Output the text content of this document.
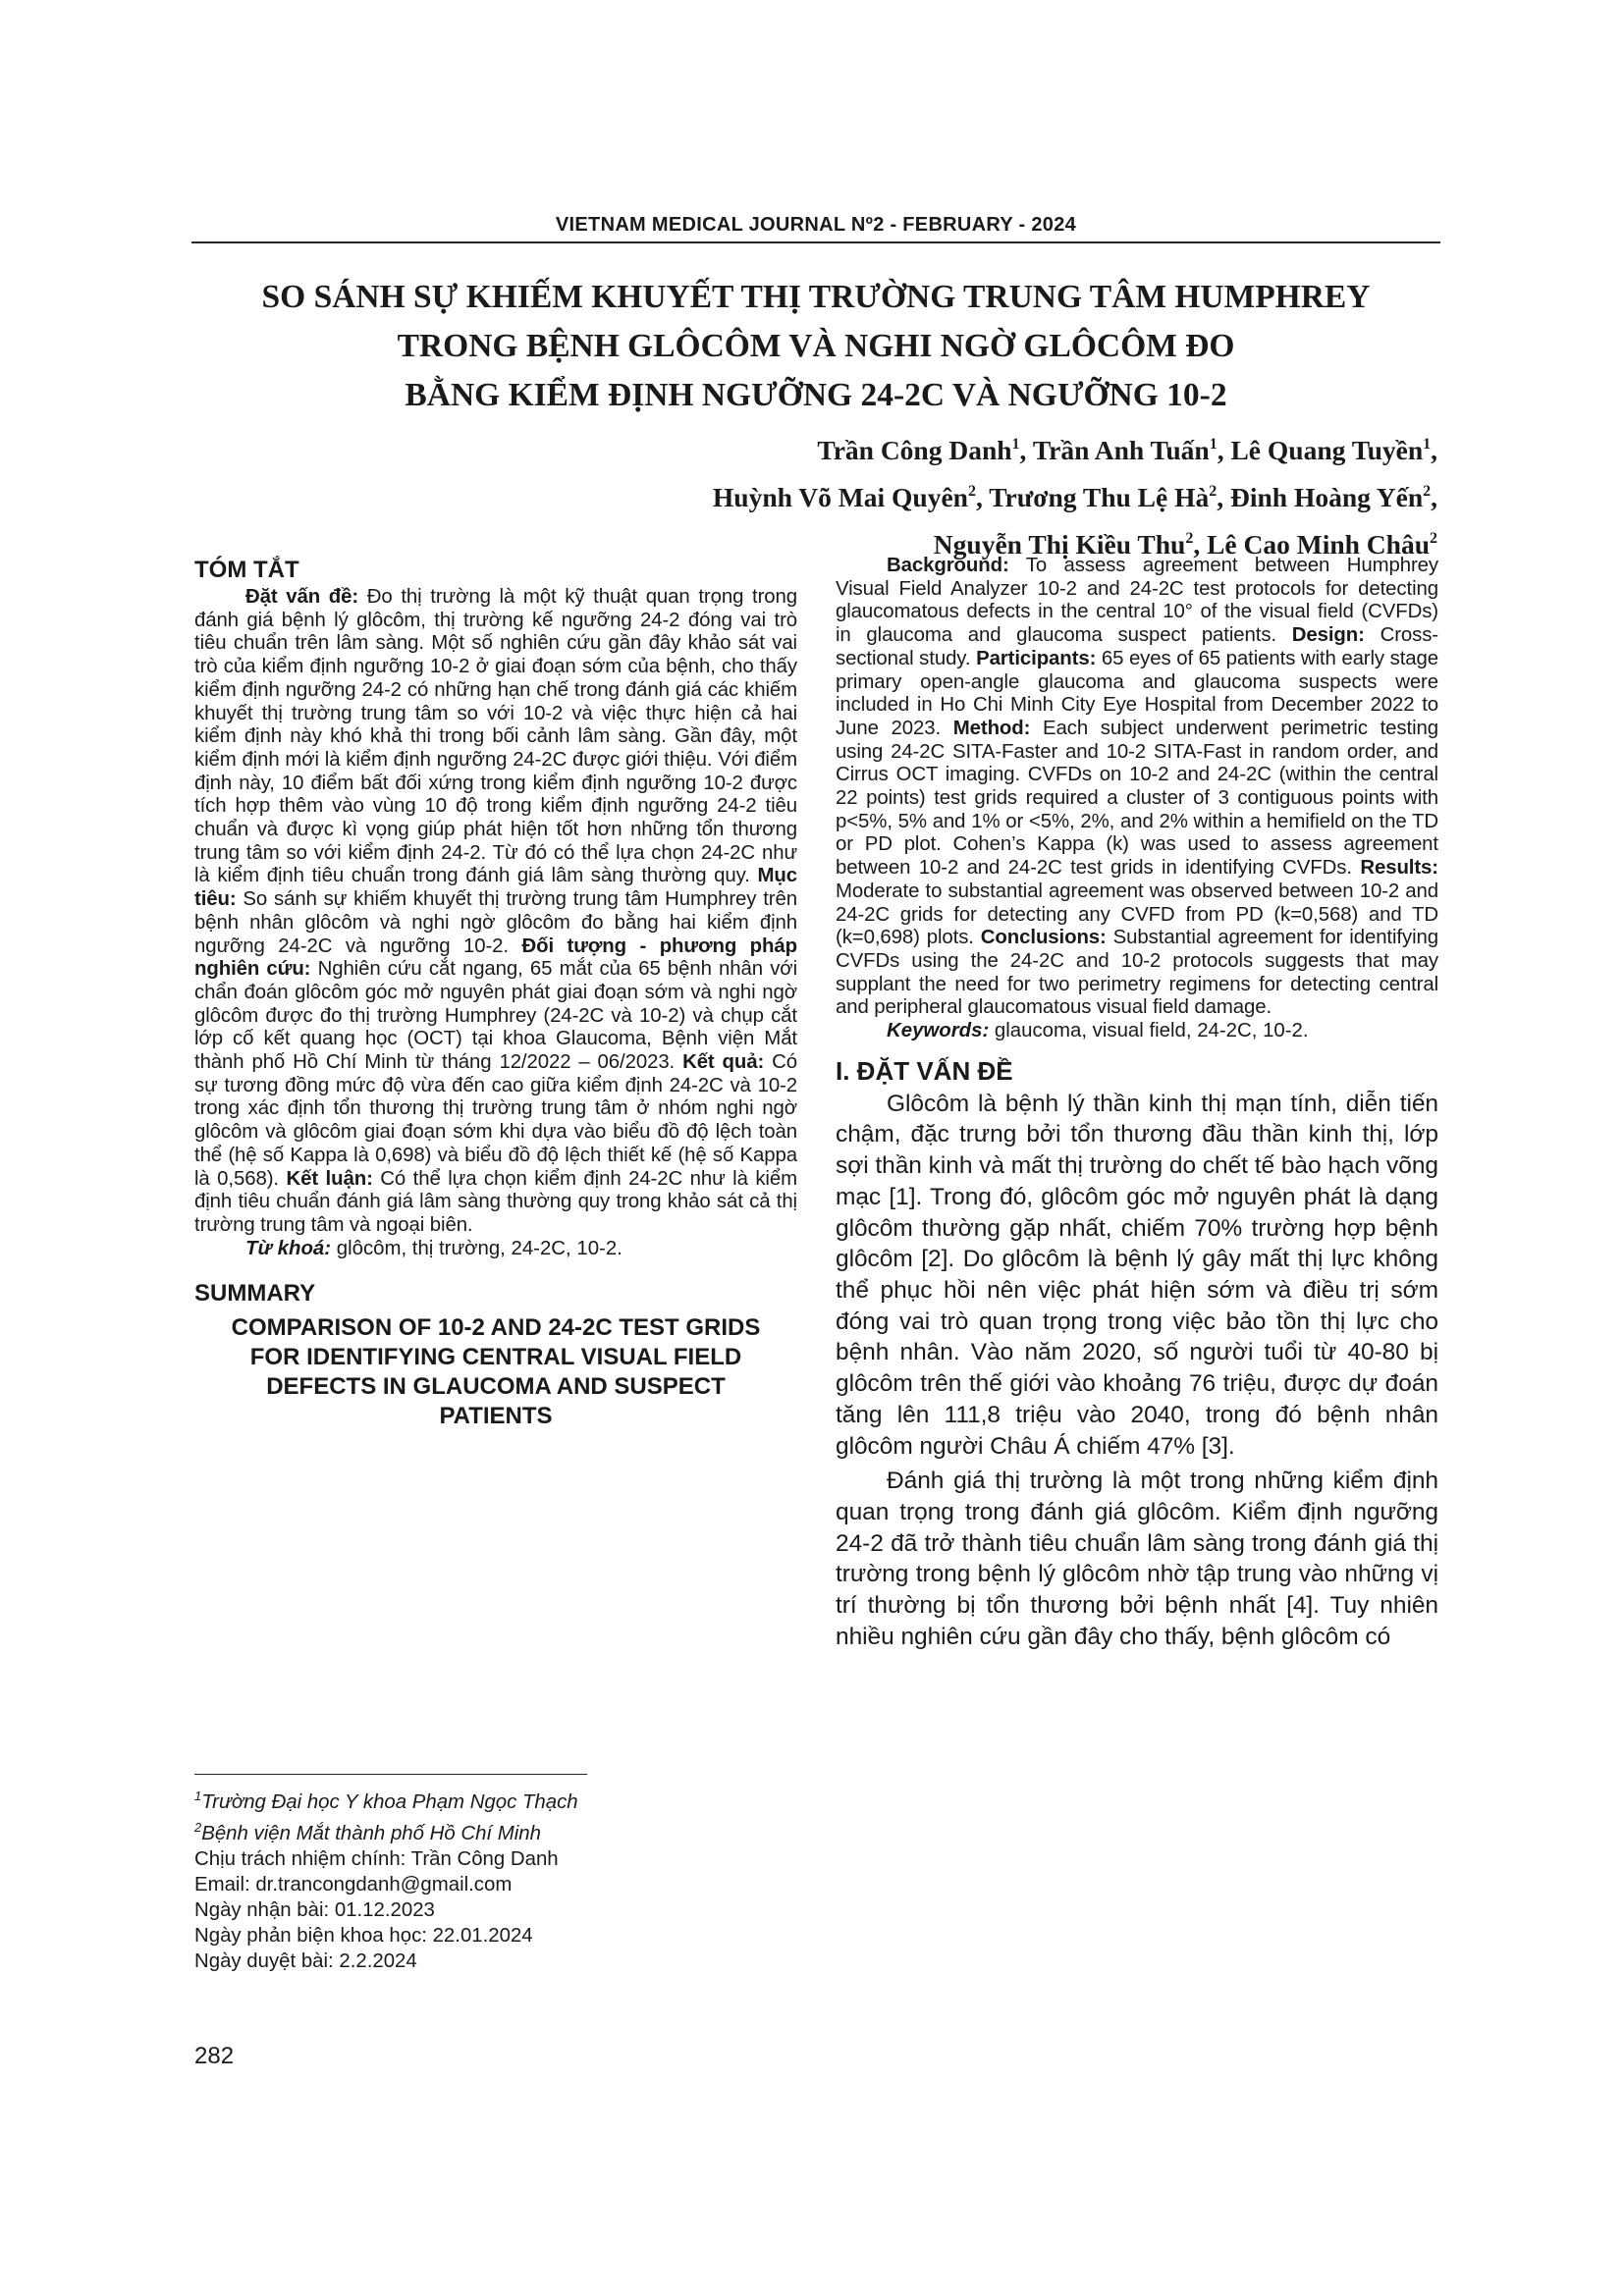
VIETNAM MEDICAL JOURNAL Nº2 - FEBRUARY - 2024
SO SÁNH SỰ KHIẾM KHUYẾT THỊ TRƯỜNG TRUNG TÂM HUMPHREY
TRONG BỆNH GLÔCÔM VÀ NGHI NGỜ GLÔCÔM ĐO
BẰNG KIỂM ĐỊNH NGƯỠNG 24-2C VÀ NGƯỠNG 10-2
Trần Công Danh$^1$, Trần Anh Tuấn$^1$, Lê Quang Tuyền$^1$,
Huỳnh Võ Mai Quyên$^2$, Trương Thu Lệ $Hà^2$, Đinh Hoàng Yến$^2$,
Nguyễn Thị Kiều Thu$^2$, Lê Cao Minh Châu$^2$
TÓM TẮT

Đặt vấn đề: Đo thị trường là một kỹ thuật quan trọng trong đánh giá bệnh lý glôcôm, thị trường kế ngưỡng 24-2 đóng vai trò tiêu chuẩn trên lâm sàng. Một số nghiên cứu gần đây khảo sát vai trò của kiểm định ngưỡng 10-2 ở giai đoạn sớm của bệnh, cho thấy kiểm định ngưỡng 24-2 có những hạn chế trong đánh giá các khiếm khuyết thị trường trung tâm so với 10-2 và việc thực hiện cả hai kiểm định này khó khả thi trong bối cảnh lâm sàng. Gần đây, một kiểm định mới là kiểm định ngưỡng 24-2C được giới thiệu. Với điểm định này, 10 điểm bất đối xứng trong kiểm định ngưỡng 10-2 được tích hợp thêm vào vùng 10 độ trong kiểm định ngưỡng 24-2 tiêu chuẩn và được kì vọng giúp phát hiện tốt hơn những tổn thương trung tâm so với kiểm định 24-2. Từ đó có thể lựa chọn 24-2C như là kiểm định tiêu chuẩn trong đánh giá lâm sàng thường quy. Mục tiêu: So sánh sự khiếm khuyết thị trường trung tâm Humphrey trên bệnh nhân glôcôm và nghi ngờ glôcôm đo bằng hai kiểm định ngưỡng 24-2C và ngưỡng 10-2. Đối tượng - phương pháp nghiên cứu: Nghiên cứu cắt ngang, 65 mắt của 65 bệnh nhân với chẩn đoán glôcôm góc mở nguyên phát giai đoạn sớm và nghi ngờ glôcôm được đo thị trường Humphrey (24-2C và 10-2) và chụp cắt lớp cố kết quang học (OCT) tại khoa Glaucoma, Bệnh viện Mắt thành phố Hồ Chí Minh từ tháng 12/2022 – 06/2023. Kết quả: Có sự tương đồng mức độ vừa đến cao giữa kiểm định 24-2C và 10-2 trong xác định tổn thương thị trường trung tâm ở nhóm nghi ngờ glôcôm và glôcôm giai đoạn sớm khi dựa vào biểu đồ độ lệch toàn thể (hệ số Kappa là 0,698) và biểu đồ độ lệch thiết kế (hệ số Kappa là 0,568). Kết luận: Có thể lựa chọn kiểm định 24-2C như là kiểm định tiêu chuẩn đánh giá lâm sàng thường quy trong khảo sát cả thị trường trung tâm và ngoại biên.

Từ khoá: glôcôm, thị trường, 24-2C, 10-2.

SUMMARY

COMPARISON OF 10-2 AND 24-2C TEST GRIDS FOR IDENTIFYING CENTRAL VISUAL FIELD DEFECTS IN GLAUCOMA AND SUSPECT PATIENTS

$^1$Trường Đại học Y khoa Phạm Ngọc Thạch
$^2$Bệnh viện Mắt thành phố Hồ Chí Minh
Chịu trách nhiệm chính: Trần Công Danh
Email: dr.trancongdanh@gmail.com
Ngày nhận bài: 01.12.2023
Ngày phản biện khoa học: 22.01.2024
Ngày duyệt bài: 2.2.2024

Background: To assess agreement between Humphrey Visual Field Analyzer 10-2 and 24-2C test protocols for detecting glaucomatous defects in the central 10° of the visual field (CVFDs) in glaucoma and glaucoma suspect patients. Design: Cross-sectional study. Participants: 65 eyes of 65 patients with early stage primary open-angle glaucoma and glaucoma suspects were included in Ho Chi Minh City Eye Hospital from December 2022 to June 2023. Method: Each subject underwent perimetric testing using 24-2C SITA-Faster and 10-2 SITA-Fast in random order, and Cirrus OCT imaging. CVFDs on 10-2 and 24-2C (within the central 22 points) test grids required a cluster of 3 contiguous points with p<5%, 5% and 1% or <5%, 2%, and 2% within a hemifield on the TD or PD plot. Cohen’s Kappa (k) was used to assess agreement between 10-2 and 24-2C test grids in identifying CVFDs. Results: Moderate to substantial agreement was observed between 10-2 and 24-2C grids for detecting any CVFD from PD (k=0,568) and TD (k=0,698) plots. Conclusions: Substantial agreement for identifying CVFDs using the 24-2C and 10-2 protocols suggests that may supplant the need for two perimetry regimens for detecting central and peripheral glaucomatous visual field damage.

Keywords: glaucoma, visual field, 24-2C, 10-2.

I. ĐẶT VẤN ĐỀ

Glôcôm là bệnh lý thần kinh thị mạn tính, diễn tiến chậm, đặc trưng bởi tổn thương đầu thần kinh thị, lớp sợi thần kinh và mất thị trường do chết tế bào hạch võng mạc [1]. Trong đó, glôcôm góc mở nguyên phát là dạng glôcôm thường gặp nhất, chiếm 70% trường hợp bệnh glôcôm [2]. Do glôcôm là bệnh lý gây mất thị lực không thể phục hồi nên việc phát hiện sớm và điều trị sớm đóng vai trò quan trọng trong việc bảo tồn thị lực cho bệnh nhân. Vào năm 2020, số người tuổi từ 40-80 bị glôcôm trên thế giới vào khoảng 76 triệu, được dự đoán tăng lên 111,8 triệu vào 2040, trong đó bệnh nhân glôcôm người Châu Á chiếm 47% [3].

Đánh giá thị trường là một trong những kiểm định quan trọng trong đánh giá glôcôm. Kiểm định ngưỡng 24-2 đã trở thành tiêu chuẩn lâm sàng trong đánh giá thị trường trong bệnh lý glôcôm nhờ tập trung vào những vị trí thường bị tổn thương bởi bệnh nhất [4]. Tuy nhiên nhiều nghiên cứu gần đây cho thấy, bệnh glôcôm có

282
